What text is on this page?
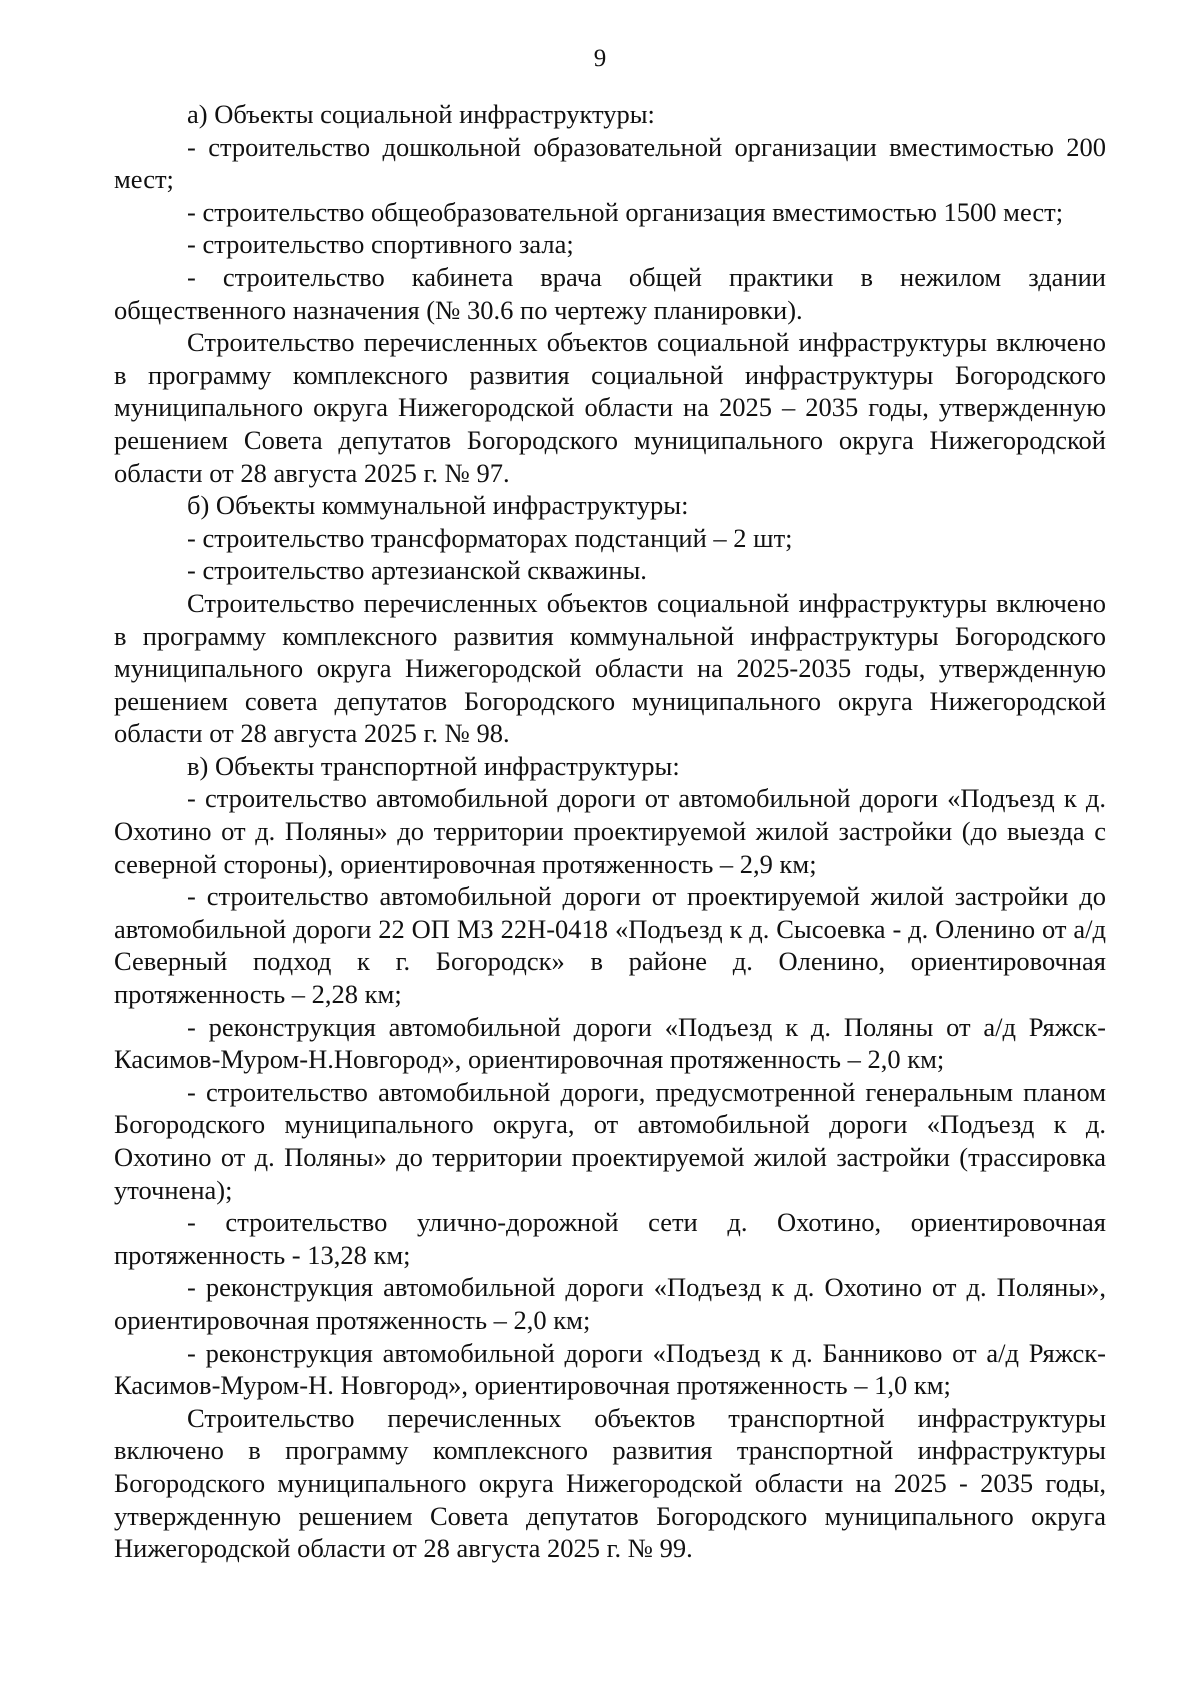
9

а) Объекты социальной инфраструктуры:

- строительство дошкольной образовательной организации вместимостью 200 мест;

- строительство общеобразовательной организация вместимостью 1500 мест;

- строительство спортивного зала;

- строительство кабинета врача общей практики в нежилом здании общественного назначения (№ 30.6 по чертежу планировки).

Строительство перечисленных объектов социальной инфраструктуры включено в программу комплексного развития социальной инфраструктуры Богородского муниципального округа Нижегородской области на 2025 – 2035 годы, утвержденную решением Совета депутатов Богородского муниципального округа Нижегородской области от 28 августа 2025 г. № 97.

б) Объекты коммунальной инфраструктуры:

- строительство трансформаторах подстанций – 2 шт;

- строительство артезианской скважины.

Строительство перечисленных объектов социальной инфраструктуры включено в программу комплексного развития коммунальной инфраструктуры Богородского муниципального округа Нижегородской области на 2025-2035 годы, утвержденную решением совета депутатов Богородского муниципального округа Нижегородской области от 28 августа 2025 г. № 98.

в) Объекты транспортной инфраструктуры:

- строительство автомобильной дороги от автомобильной дороги «Подъезд к д. Охотино от д. Поляны» до территории проектируемой жилой застройки (до выезда с северной стороны), ориентировочная протяженность – 2,9 км;

- строительство автомобильной дороги от проектируемой жилой застройки до автомобильной дороги 22 ОП МЗ 22Н-0418 «Подъезд к д. Сысоевка - д. Оленино от а/д Северный подход к г. Богородск» в районе д. Оленино, ориентировочная протяженность – 2,28 км;

- реконструкция автомобильной дороги «Подъезд к д. Поляны от а/д Ряжск-Касимов-Муром-Н.Новгород», ориентировочная протяженность – 2,0 км;

- строительство автомобильной дороги, предусмотренной генеральным планом Богородского муниципального округа, от автомобильной дороги «Подъезд к д. Охотино от д. Поляны» до территории проектируемой жилой застройки (трассировка уточнена);

- строительство улично-дорожной сети д. Охотино, ориентировочная протяженность - 13,28 км;

- реконструкция автомобильной дороги «Подъезд к д. Охотино от д. Поляны», ориентировочная протяженность – 2,0 км;

- реконструкция автомобильной дороги «Подъезд к д. Банниково от а/д Ряжск-Касимов-Муром-Н. Новгород», ориентировочная протяженность – 1,0 км;

Строительство перечисленных объектов транспортной инфраструктуры включено в программу комплексного развития транспортной инфраструктуры Богородского муниципального округа Нижегородской области на 2025 - 2035 годы, утвержденную решением Совета депутатов Богородского муниципального округа Нижегородской области от 28 августа 2025 г. № 99.
